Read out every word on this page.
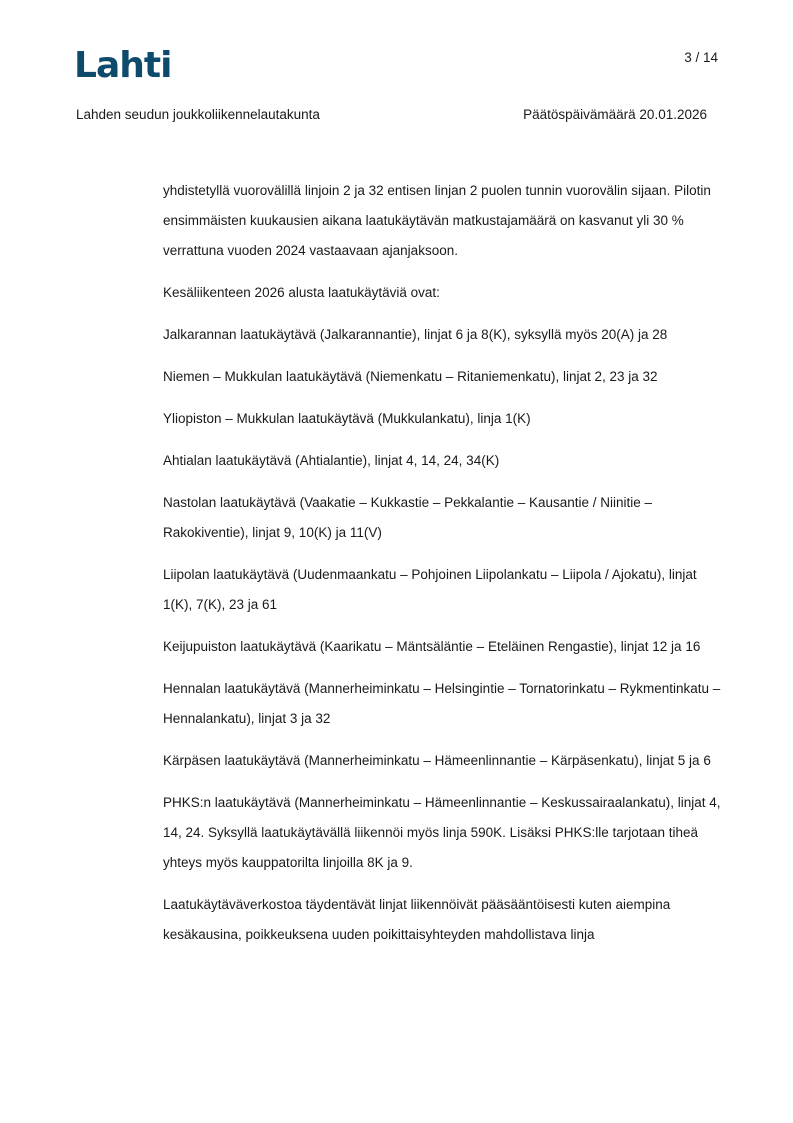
Lahti	3 / 14
Lahden seudun joukkoliikennelautakunta	Päätöspäivämäärä 20.01.2026

yhdistetyllä vuorovälillä linjoin 2 ja 32 entisen linjan 2 puolen tunnin vuorovälin sijaan. Pilotin ensimmäisten kuukausien aikana laatukäytävän matkustajamäärä on kasvanut yli 30 % verrattuna vuoden 2024 vastaavaan ajanjaksoon.

Kesäliikenteen 2026 alusta laatukäytäviä ovat:

Jalkarannan laatukäytävä (Jalkarannantie), linjat 6 ja 8(K), syksyllä myös 20(A) ja 28

Niemen – Mukkulan laatukäytävä (Niemenkatu – Ritaniemenkatu), linjat 2, 23 ja 32

Yliopiston – Mukkulan laatukäytävä (Mukkulankatu), linja 1(K)

Ahtialan laatukäytävä (Ahtialantie), linjat 4, 14, 24, 34(K)

Nastolan laatukäytävä (Vaakatie – Kukkastie – Pekkalantie – Kausantie / Niinitie – Rakokiventie), linjat 9, 10(K) ja 11(V)

Liipolan laatukäytävä (Uudenmaankatu – Pohjoinen Liipolankatu – Liipola / Ajokatu), linjat 1(K), 7(K), 23 ja 61

Keijupuiston laatukäytävä (Kaarikatu – Mäntsäläntie – Eteläinen Rengastie), linjat 12 ja 16

Hennalan laatukäytävä (Mannerheiminkatu – Helsingintie – Tornatorinkatu – Rykmentinkatu – Hennalankatu), linjat 3 ja 32

Kärpäsen laatukäytävä (Mannerheiminkatu – Hämeenlinnantie – Kärpäsenkatu), linjat 5 ja 6

PHKS:n laatukäytävä (Mannerheiminkatu – Hämeenlinnantie – Keskussairaalankatu), linjat 4, 14, 24. Syksyllä laatukäytävällä liikennöi myös linja 590K. Lisäksi PHKS:lle tarjotaan tiheä yhteys myös kauppatorilta linjoilla 8K ja 9.

Laatukäytäväverkostoa täydentävät linjat liikennöivät pääsääntöisesti kuten aiempina kesäkausina, poikkeuksena uuden poikittaisyhteyden mahdollistava linja
